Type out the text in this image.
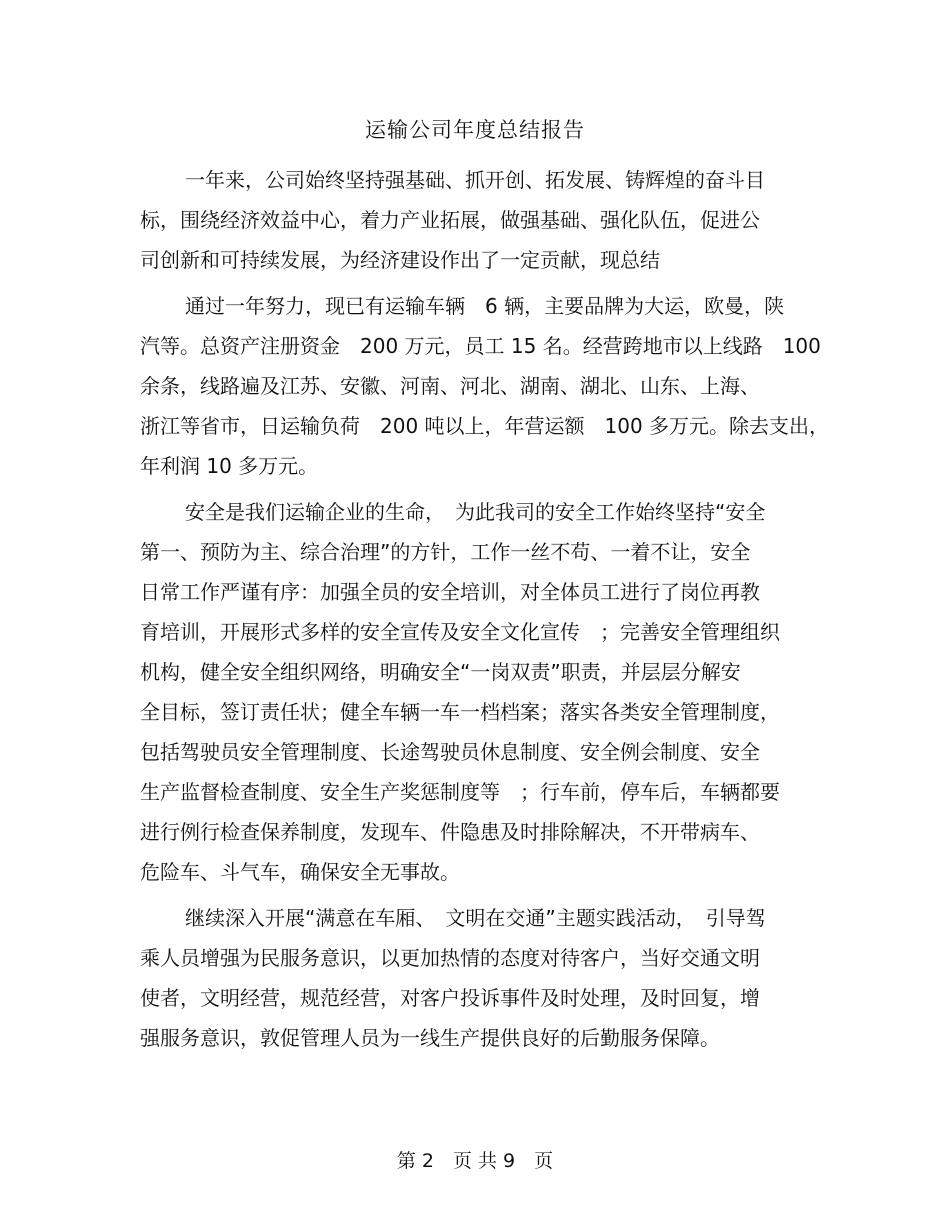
运输公司年度总结报告
一年来，公司始终坚持强基础、抓开创、拓发展、铸辉煌的奋斗目
标，围绕经济效益中心，着力产业拓展，做强基础、强化队伍，促进公
司创新和可持续发展，为经济建设作出了一定贡献，现总结
通过一年努力，现已有运输车辆　6 辆，主要品牌为大运，欧曼，陕
汽等。总资产注册资金　200 万元，员工 15 名。经营跨地市以上线路　100
余条，线路遍及江苏、安徽、河南、河北、湖南、湖北、山东、上海、
浙江等省市，日运输负荷　200 吨以上，年营运额　100 多万元。除去支出，
年利润 10 多万元。
安全是我们运输企业的生命，　为此我司的安全工作始终坚持“安全
第一、预防为主、综合治理”的方针，工作一丝不苟、一着不让，安全
日常工作严谨有序：加强全员的安全培训，对全体员工进行了岗位再教
育培训，开展形式多样的安全宣传及安全文化宣传　；完善安全管理组织
机构，健全安全组织网络，明确安全“一岗双责”职责，并层层分解安
全目标，签订责任状；健全车辆一车一档档案；落实各类安全管理制度，
包括驾驶员安全管理制度、长途驾驶员休息制度、安全例会制度、安全
生产监督检查制度、安全生产奖惩制度等　；行车前，停车后，车辆都要
进行例行检查保养制度，发现车、件隐患及时排除解决，不开带病车、
危险车、斗气车，确保安全无事故。
继续深入开展“满意在车厢、　文明在交通”主题实践活动，　引导驾
乘人员增强为民服务意识，以更加热情的态度对待客户，当好交通文明
使者，文明经营，规范经营，对客户投诉事件及时处理，及时回复，增
强服务意识，敦促管理人员为一线生产提供良好的后勤服务保障。
第 2　页 共 9　页
